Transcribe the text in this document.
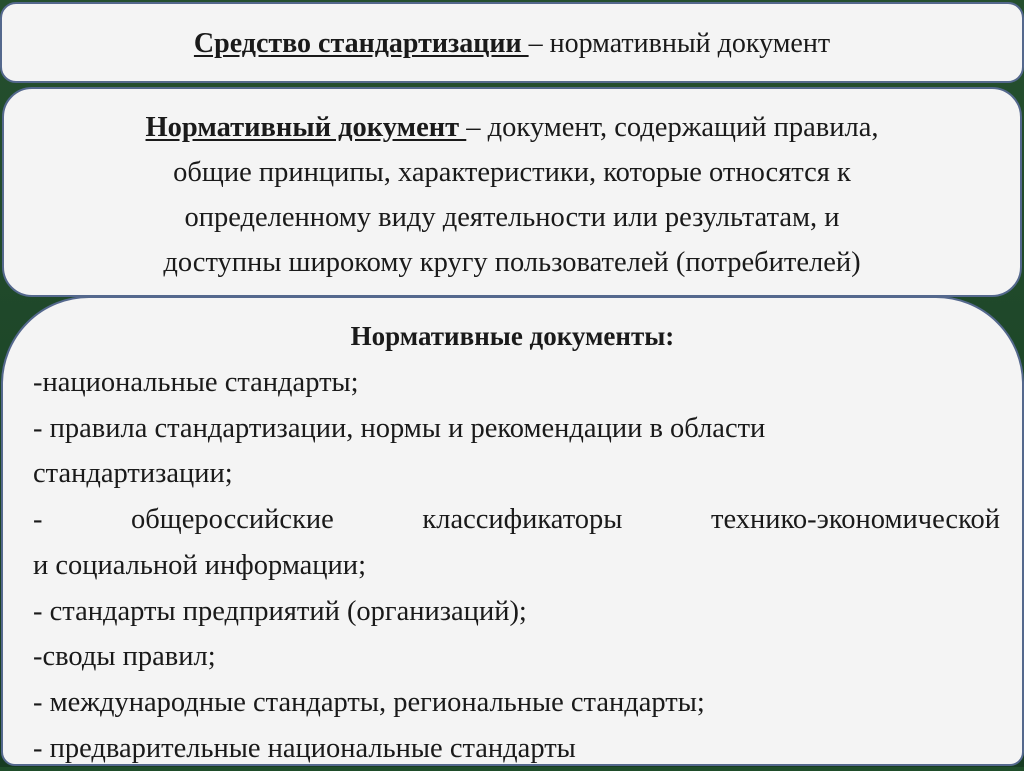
Средство стандартизации – нормативный документ
Нормативный документ – документ, содержащий правила,
общие принципы, характеристики, которые относятся к
определенному виду деятельности или результатам, и
доступны широкому кругу пользователей (потребителей)
Нормативные документы:
-национальные стандарты;
- правила стандартизации, нормы и рекомендации в области
стандартизации;
- общероссийские классификаторы технико-экономической
и социальной информации;
- стандарты предприятий (организаций);
-своды правил;
- международные стандарты, региональные стандарты;
- предварительные национальные стандарты
